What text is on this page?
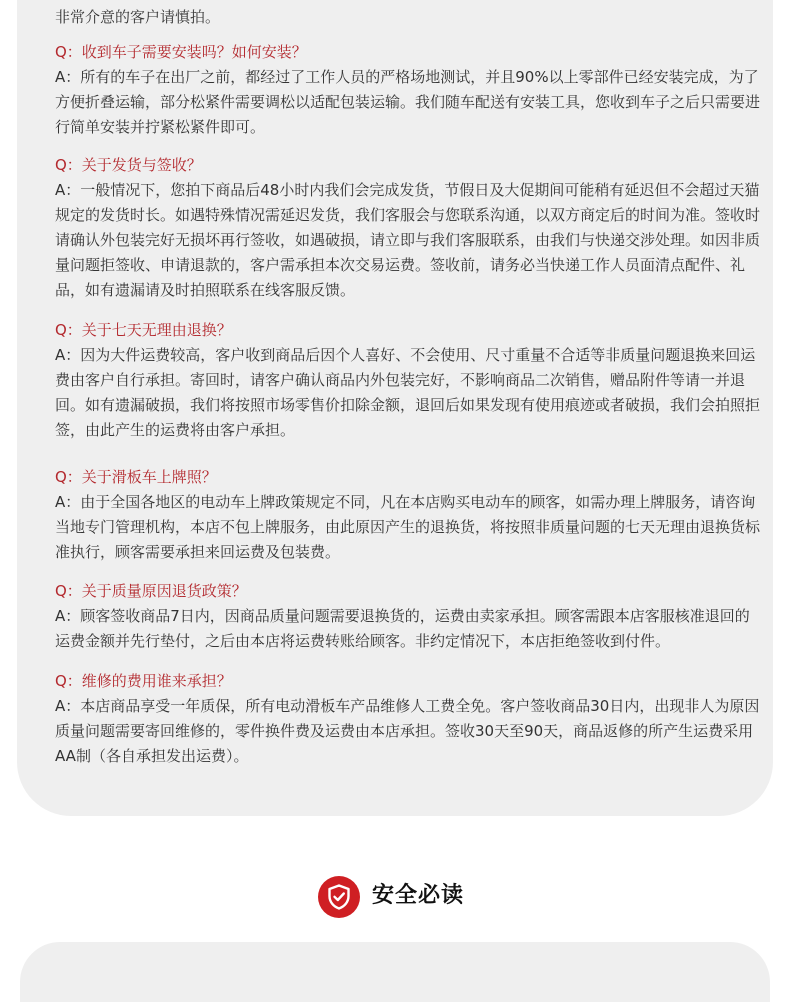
非常介意的客户请慎拍。
Q：收到车子需要安装吗？如何安装？
A：所有的车子在出厂之前，都经过了工作人员的严格场地测试，并且90%以上零部件已经安装完成，为了方便折叠运输，部分松紧件需要调松以适配包装运输。我们随车配送有安装工具，您收到车子之后只需要进行简单安装并拧紧松紧件即可。
Q：关于发货与签收？
A：一般情况下，您拍下商品后48小时内我们会完成发货，节假日及大促期间可能稍有延迟但不会超过天猫规定的发货时长。如遇特殊情况需延迟发货，我们客服会与您联系沟通，以双方商定后的时间为准。签收时请确认外包装完好无损坏再行签收，如遇破损，请立即与我们客服联系，由我们与快递交涉处理。如因非质量问题拒签收、申请退款的，客户需承担本次交易运费。签收前，请务必当快递工作人员面清点配件、礼品，如有遗漏请及时拍照联系在线客服反馈。
Q：关于七天无理由退换？
A：因为大件运费较高，客户收到商品后因个人喜好、不会使用、尺寸重量不合适等非质量问题退换来回运费由客户自行承担。寄回时，请客户确认商品内外包装完好，不影响商品二次销售，赠品附件等请一并退回。如有遗漏破损，我们将按照市场零售价扣除金额，退回后如果发现有使用痕迹或者破损，我们会拍照拒签，由此产生的运费将由客户承担。
Q：关于滑板车上牌照？
A：由于全国各地区的电动车上牌政策规定不同，凡在本店购买电动车的顾客，如需办理上牌服务，请咨询当地专门管理机构，本店不包上牌服务，由此原因产生的退换货，将按照非质量问题的七天无理由退换货标准执行，顾客需要承担来回运费及包装费。
Q：关于质量原因退货政策？
A：顾客签收商品7日内，因商品质量问题需要退换货的，运费由卖家承担。顾客需跟本店客服核准退回的运费金额并先行垫付，之后由本店将运费转账给顾客。非约定情况下，本店拒绝签收到付件。
Q：维修的费用谁来承担？
A：本店商品享受一年质保，所有电动滑板车产品维修人工费全免。客户签收商品30日内，出现非人为原因质量问题需要寄回维修的，零件换件费及运费由本店承担。签收30天至90天，商品返修的所产生运费采用AA制（各自承担发出运费）。
安全必读
